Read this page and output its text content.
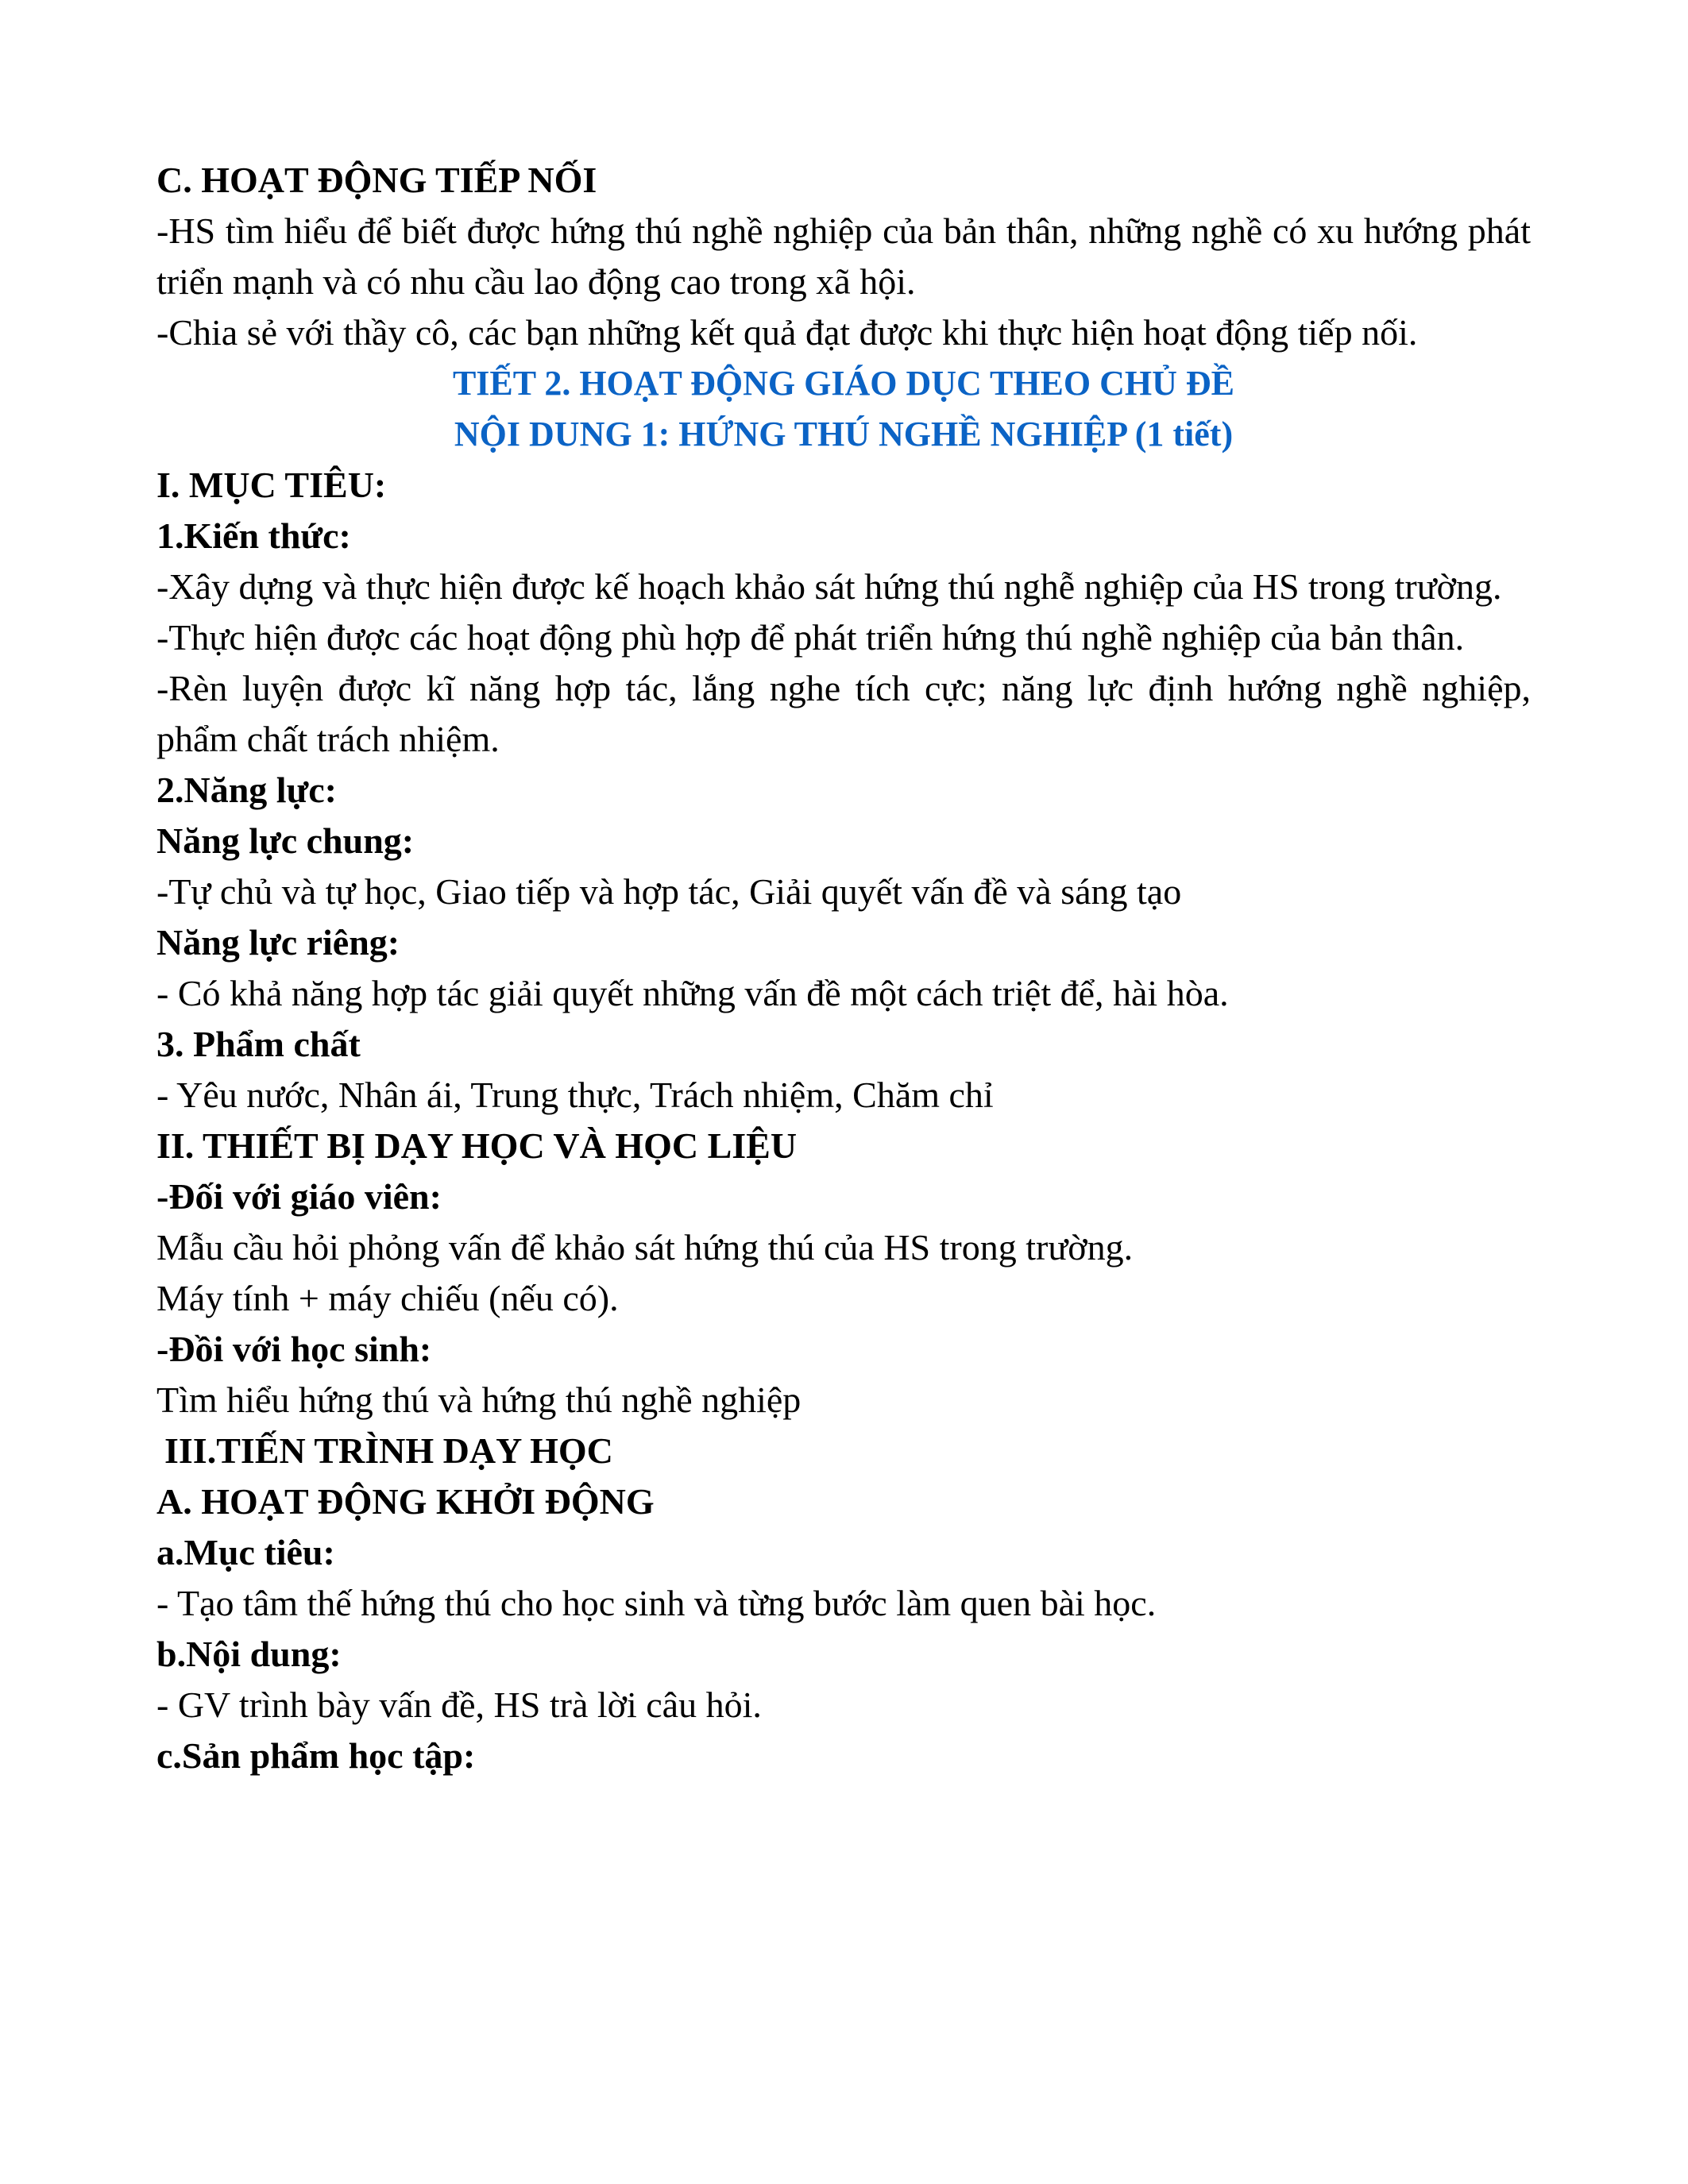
C. HOẠT ĐỘNG TIẾP NỐI

-HS tìm hiểu để biết được hứng thú nghề nghiệp của bản thân, những nghề có xu hướng phát triển mạnh và có nhu cầu lao động cao trong xã hội.

-Chia sẻ với thầy cô, các bạn những kết quả đạt được khi thực hiện hoạt động tiếp nối.

TIẾT 2. HOẠT ĐỘNG GIÁO DỤC THEO CHỦ ĐỀ

NỘI DUNG 1: HỨNG THÚ NGHỀ NGHIỆP (1 tiết)

I. MỤC TIÊU:

1.Kiến thức:

-Xây dựng và thực hiện được kế hoạch khảo sát hứng thú nghễ nghiệp của HS trong trường.

-Thực hiện được các hoạt động phù hợp để phát triển hứng thú nghề nghiệp của bản thân.

-Rèn luyện được kĩ năng hợp tác, lắng nghe tích cực; năng lực định hướng nghề nghiệp, phẩm chất trách nhiệm.

2.Năng lực:

Năng lực chung:

-Tự chủ và tự học, Giao tiếp và hợp tác, Giải quyết vấn đề và sáng tạo

Năng lực riêng:

- Có khả năng hợp tác giải quyết những vấn đề một cách triệt để, hài hòa.

3. Phẩm chất

- Yêu nước, Nhân ái, Trung thực, Trách nhiệm, Chăm chỉ

II. THIẾT BỊ DẠY HỌC VÀ HỌC LIỆU

-Đối với giáo viên:

Mẫu cầu hỏi phỏng vấn để khảo sát hứng thú của HS trong trường.

Máy tính + máy chiếu (nếu có).

-Đồi với học sinh:

Tìm hiểu hứng thú và hứng thú nghề nghiệp

III.TIẾN TRÌNH DẠY HỌC

A. HOẠT ĐỘNG KHỞI ĐỘNG

a.Mục tiêu:

- Tạo tâm thế hứng thú cho học sinh và từng bước làm quen bài học.

b.Nội dung:

- GV trình bày vấn đề, HS trà lời câu hỏi.

c.Sản phẩm học tập:
